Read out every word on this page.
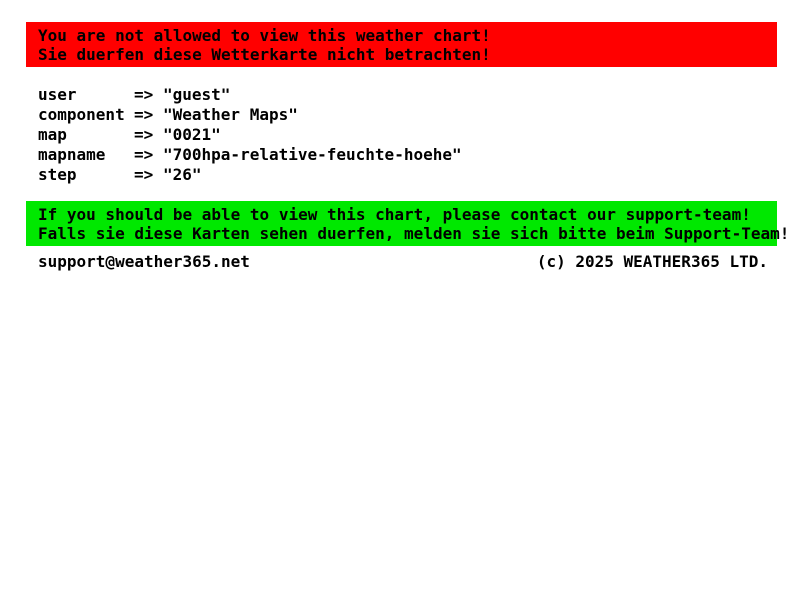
You are not allowed to view this weather chart!
Sie duerfen diese Wetterkarte nicht betrachten!
user	=> "guest"
component => "Weather Maps"
map	=> "0021"
mapname	=> "700hpa-relative-feuchte-hoehe"
step	=> "26"
If you should be able to view this chart, please contact our support-team!
Falls sie diese Karten sehen duerfen, melden sie sich bitte beim Support-Team!
support@weather365.net	(c) 2025 WEATHER365 LTD.
